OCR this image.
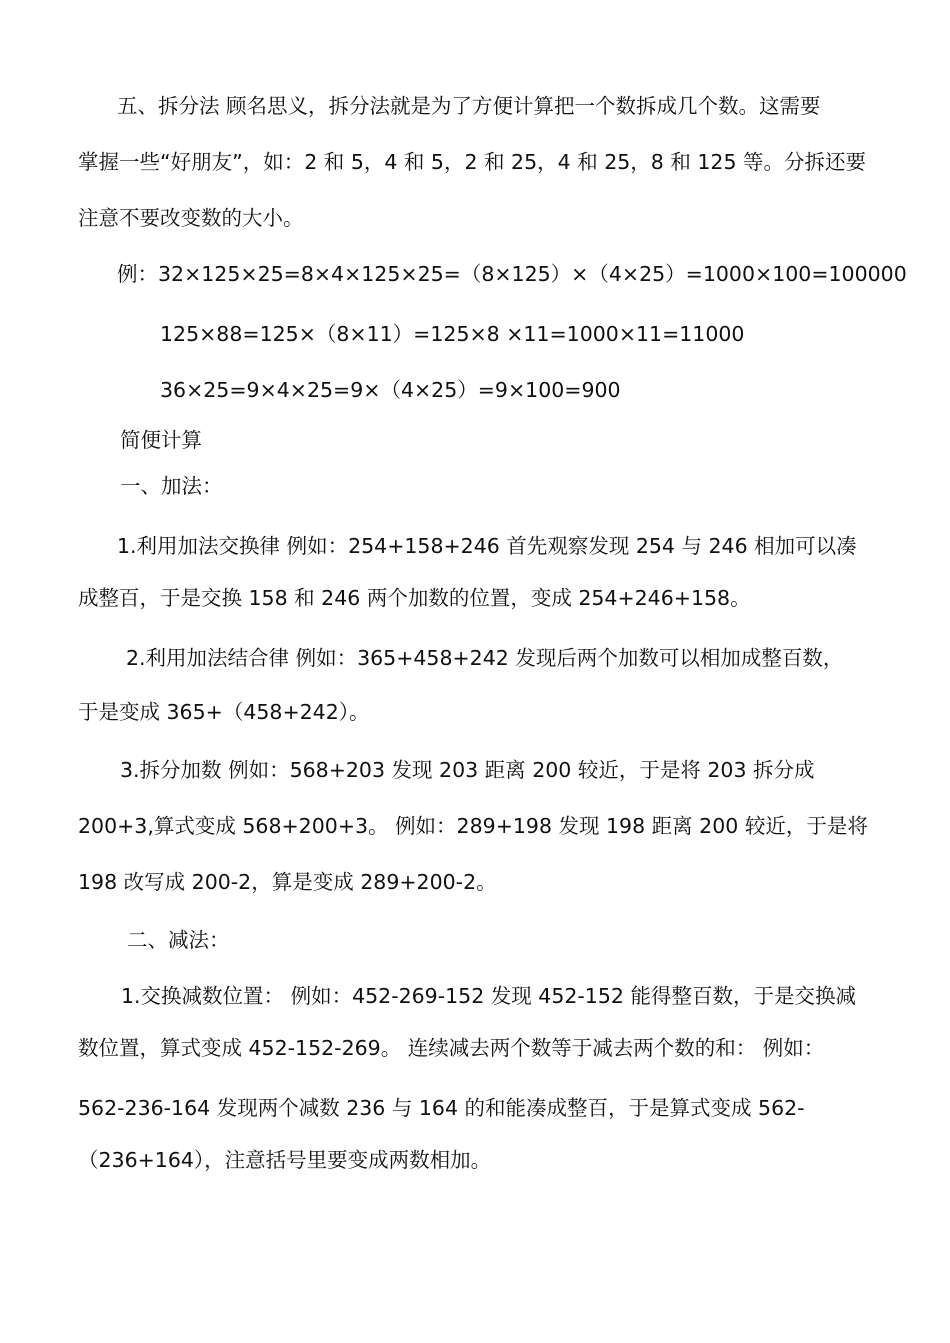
五、拆分法 顾名思义，拆分法就是为了方便计算把一个数拆成几个数。这需要
掌握一些“好朋友”，如：2 和 5，4 和 5，2 和 25，4 和 25，8 和 125 等。分拆还要
注意不要改变数的大小。
例：32×125×25=8×4×125×25=（8×125）×（4×25）=1000×100=100000
125×88=125×（8×11）=125×8 ×11=1000×11=11000
36×25=9×4×25=9×（4×25）=9×100=900
简便计算
一、加法：
1.利用加法交换律 例如：254+158+246 首先观察发现 254 与 246 相加可以凑
成整百，于是交换 158 和 246 两个加数的位置，变成 254+246+158。
2.利用加法结合律 例如：365+458+242 发现后两个加数可以相加成整百数，
于是变成 365+（458+242）。
3.拆分加数 例如：568+203 发现 203 距离 200 较近，于是将 203 拆分成
200+3,算式变成 568+200+3。 例如：289+198 发现 198 距离 200 较近，于是将
198 改写成 200-2，算是变成 289+200-2。
二、减法：
1.交换减数位置： 例如：452-269-152 发现 452-152 能得整百数，于是交换减
数位置，算式变成 452-152-269。 连续减去两个数等于减去两个数的和： 例如：
562-236-164 发现两个减数 236 与 164 的和能凑成整百，于是算式变成 562-
（236+164），注意括号里要变成两数相加。
